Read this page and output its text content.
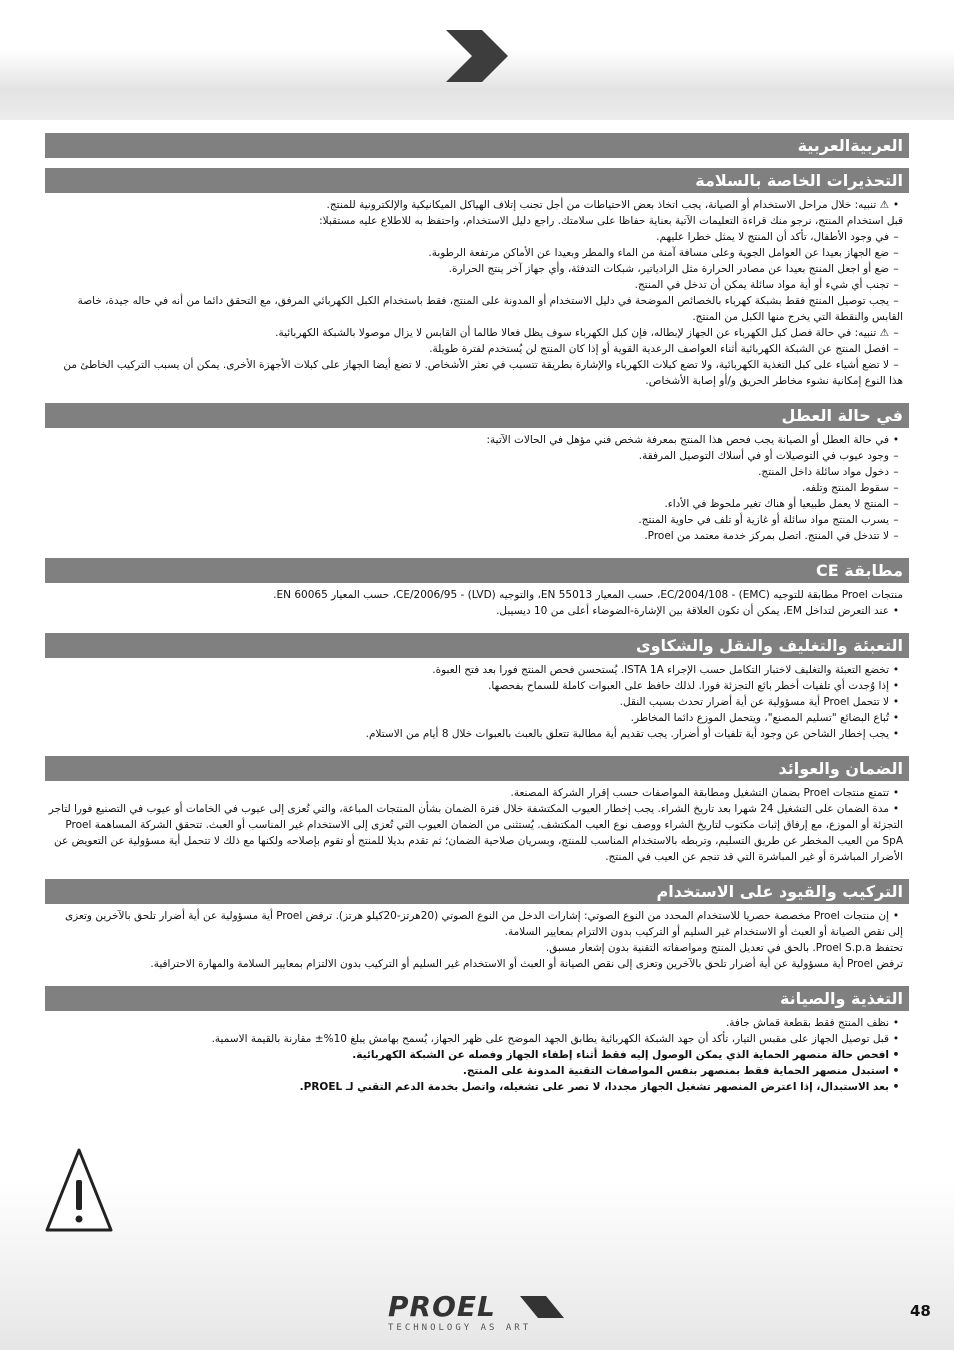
العربيةالعربية
التحذيرات الخاصة بالسلامة
• ⚠ تنبيه: خلال مراحل الاستخدام أو الصيانة، يجب اتخاذ بعض الاحتياطات من أجل تجنب إتلاف الهياكل الميكانيكية والإلكترونية للمنتج.
قبل استخدام المنتج، نرجو منك قراءة التعليمات الآتية بعناية حفاظا على سلامتك. راجع دليل الاستخدام، واحتفظ به للاطلاع عليه مستقبلا:
– في وجود الأطفال، تأكد أن المنتج لا يمثل خطرا عليهم.
– ضع الجهاز بعيدا عن العوامل الجوية وعلى مسافة آمنة من الماء والمطر وبعيدا عن الأماكن مرتفعة الرطوبة.
– ضع أو اجعل المنتج بعيدا عن مصادر الحرارة مثل الرادياتير، شبكات التدفئة، وأي جهاز آخر ينتج الحرارة.
– تجنب أي شيء أو أية مواد سائلة يمكن أن تدخل في المنتج.
– يجب توصيل المنتج فقط بشبكة كهرباء بالخصائص الموضحة في دليل الاستخدام أو المدونة على المنتج، فقط باستخدام الكبل الكهربائي المرفق، مع التحقق دائما من أنه في حاله جيدة، خاصة القابس والنقطة التي يخرج منها الكبل من المنتج.
– ⚠ تنبيه: في حالة فصل كبل الكهرباء عن الجهاز لإبطاله، فإن كبل الكهرباء سوف يظل فعالا طالما أن القابس لا يزال موصولا بالشبكة الكهربائية.
– افصل المنتج عن الشبكة الكهربائية أثناء العواصف الرعدية القوية أو إذا كان المنتج لن يُستخدم لفترة طويلة.
– لا تضع أشياء على كبل التغذية الكهربائية، ولا تضع كبلات الكهرباء والإشارة بطريقة تتسبب في تعثر الأشخاص. لا تضع أيضا الجهاز على كبلات الأجهزة الأخرى. يمكن أن يسبب التركيب الخاطئ من هذا النوع إمكانية نشوء مخاطر الحريق و/أو إصابة الأشخاص.
في حالة العطل
• في حالة العطل أو الصيانة يجب فحص هذا المنتج بمعرفة شخص فني مؤهل في الحالات الآتية:
– وجود عيوب في التوصيلات أو في أسلاك التوصيل المرفقة.
– دخول مواد سائلة داخل المنتج.
– سقوط المنتج وتلفه.
– المنتج لا يعمل طبيعيا أو هناك تغير ملحوظ في الأداء.
– يسرب المنتج مواد سائلة أو غازية أو تلف في حاوية المنتج.
– لا تتدخل في المنتج. اتصل بمركز خدمة معتمد من Proel.
مطابقة CE
منتجات Proel مطابقة للتوجيه EC/2004/108 - (EMC)، حسب المعيار EN 55013، والتوجيه CE/2006/95 - (LVD)، حسب المعيار EN 60065.
• عند التعرض لتداخل EM، يمكن أن تكون العلاقة بين الإشارة-الضوضاء أعلى من 10 ديسيبل.
التعبئة والتغليف والنقل والشكاوى
• تخضع التعبئة والتغليف لاختبار التكامل حسب الإجراء ISTA 1A. يُستحسن فحص المنتج فورا بعد فتح العبوة.
• إذا وُجدت أي تلفيات أخطر بائع التجزئة فورا. لذلك حافظ على العبوات كاملة للسماح بفحصها.
• لا تتحمل Proel أية مسؤولية عن أية أضرار تحدث بسبب النقل.
• تُباع البضائع "تسليم المصنع"، ويتحمل الموزع دائما المخاطر.
• يجب إخطار الشاحن عن وجود أية تلفيات أو أضرار. يجب تقديم أية مطالبة تتعلق بالعبث بالعبوات خلال 8 أيام من الاستلام.
الضمان والعوائد
• تتمتع منتجات Proel بضمان التشغيل ومطابقة المواصفات حسب إقرار الشركة المصنعة.
• مدة الضمان على التشغيل 24 شهرا بعد تاريخ الشراء. يجب إخطار العيوب المكتشفة خلال فترة الضمان بشأن المنتجات المباعة، والتي تُعزى إلى عيوب في الخامات أو عيوب في التصنيع فورا لتاجر التجزئة أو الموزع، مع إرفاق إثبات مكتوب لتاريخ الشراء ووصف نوع العيب المكتشف. يُستثنى من الضمان العيوب التي تُعزى إلى الاستخدام غير المناسب أو العبث. تتحقق الشركة المساهمة Proel SpA من العيب المخطر عن طريق التسليم، وتربطه بالاستخدام المناسب للمنتج، وبسريان صلاحية الضمان؛ ثم تقدم بديلا للمنتج أو تقوم بإصلاحه ولكنها مع ذلك لا تتحمل أية مسؤولية عن التعويض عن الأضرار المباشرة أو غير المباشرة التي قد تنجم عن العيب في المنتج.
التركيب والقيود على الاستخدام
• إن منتجات Proel مخصصة حصريا للاستخدام المحدد من النوع الصوتي: إشارات الدخل من النوع الصوتي (20هرتز-20كيلو هرتز). ترفض Proel أية مسؤولية عن أية أضرار تلحق بالآخرين وتعزى إلى نقص الصيانة أو العبث أو الاستخدام غير السليم أو التركيب بدون الالتزام بمعايير السلامة.
تحتفظ Proel S.p.a. بالحق في تعديل المنتج ومواصفاته التقنية بدون إشعار مسبق.
ترفض Proel أية مسؤولية عن أية أضرار تلحق بالآخرين وتعزى إلى نقص الصيانة أو العبث أو الاستخدام غير السليم أو التركيب بدون الالتزام بمعايير السلامة والمهارة الاحترافية.
التغذية والصيانة
• نظف المنتج فقط بقطعة قماش جافة.
• قبل توصيل الجهاز على مقبس التيار، تأكد أن جهد الشبكة الكهربائية يطابق الجهد الموضح على ظهر الجهاز، يُسمح بهامش يبلغ 10%± مقارنة بالقيمة الاسمية.
• افحص حالة منصهر الحماية الذي يمكن الوصول إليه فقط أثناء إطفاء الجهاز وفصله عن الشبكة الكهربائية.
• استبدل منصهر الحماية فقط بمنصهر بنفس المواصفات التقنية المدونة على المنتج.
• بعد الاستبدال، إذا اعترض المنصهر تشغيل الجهاز مجددا، لا تصر على تشغيله، واتصل بخدمة الدعم التقني لـ PROEL.
PROEL
TECHNOLOGY AS ART
48
